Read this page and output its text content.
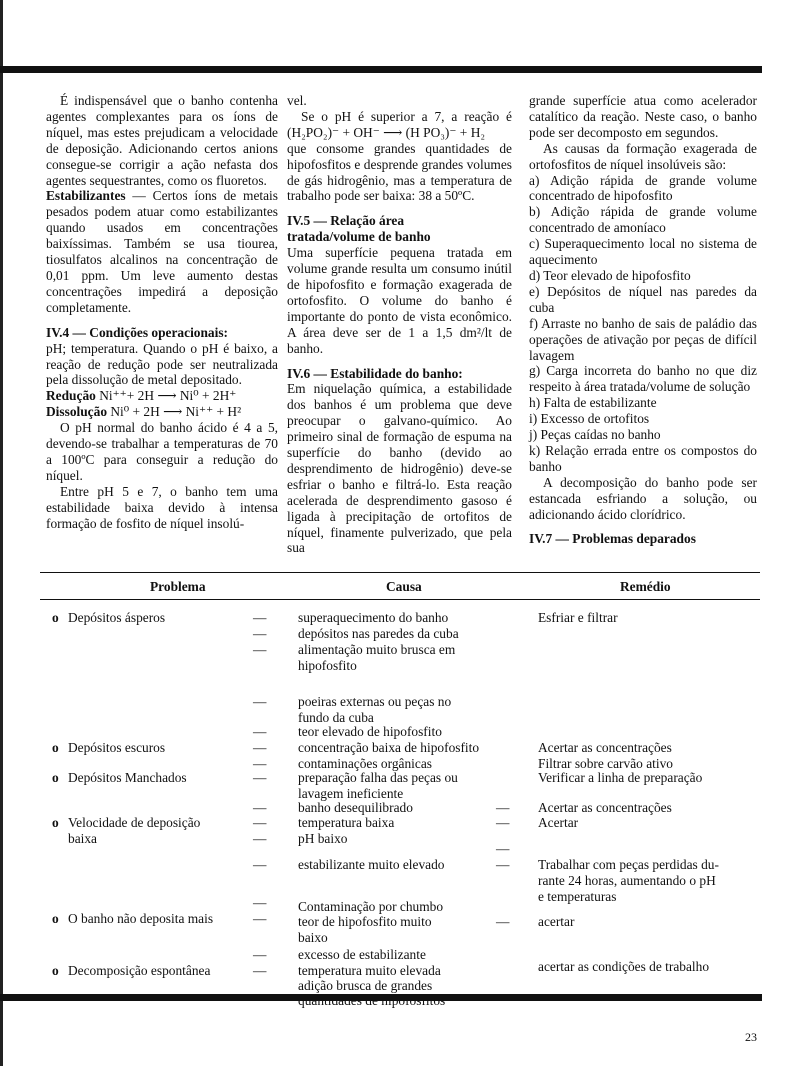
É indispensável que o banho contenha agentes complexantes para os íons de níquel, mas estes prejudicam a velocidade de deposição. Adicionando certos anions consegue-se corrigir a ação nefasta dos agentes sequestrantes, como os fluoretos.

Estabilizantes — Certos íons de metais pesados podem atuar como estabilizantes quando usados em concentrações baixíssimas. Também se usa tiourea, tiosulfatos alcalinos na concentração de 0,01 ppm. Um leve aumento destas concentrações impedirá a deposição completamente.

IV.4 — Condições operacionais:

pH; temperatura. Quando o pH é baixo, a reação de redução pode ser neutralizada pela dissolução de metal depositado.

Redução Ni⁺⁺+ 2H ⟶ Ni⁰ + 2H⁺

Dissolução Ni⁰ + 2H ⟶ Ni⁺⁺ + H²

O pH normal do banho ácido é 4 a 5, devendo-se trabalhar a temperaturas de 70 a 100ºC para conseguir a redução do níquel.

Entre pH 5 e 7, o banho tem uma estabilidade baixa devido à intensa formação de fosfito de níquel insolú-

vel.

Se o pH é superior a 7, a reação é (H₂PO₂)⁻ + OH⁻ ⟶ (H PO₃)⁻ + H₂

que consome grandes quantidades de hipofosfitos e desprende grandes volumes de gás hidrogênio, mas a temperatura de trabalho pode ser baixa: 38 a 50ºC.

IV.5 — Relação área

tratada/volume de banho

Uma superfície pequena tratada em volume grande resulta um consumo inútil de hipofosfito e formação exagerada de ortofosfito. O volume do banho é importante do ponto de vista econômico. A área deve ser de 1 a 1,5 dm²/lt de banho.

IV.6 — Estabilidade do banho:

Em niquelação química, a estabilidade dos banhos é um problema que deve preocupar o galvano-químico. Ao primeiro sinal de formação de espuma na superfície do banho (devido ao desprendimento de hidrogênio) deve-se esfriar o banho e filtrá-lo. Esta reação acelerada de desprendimento gasoso é ligada à precipitação de ortofitos de níquel, finamente pulverizado, que pela sua

grande superfície atua como acelerador catalítico da reação. Neste caso, o banho pode ser decomposto em segundos.

As causas da formação exagerada de ortofosfitos de níquel insolúveis são:

a) Adição rápida de grande volume concentrado de hipofosfito

b) Adição rápida de grande volume concentrado de amoníaco

c) Superaquecimento local no sistema de aquecimento

d) Teor elevado de hipofosfito

e) Depósitos de níquel nas paredes da cuba

f) Arraste no banho de sais de paládio das operações de ativação por peças de difícil lavagem

g) Carga incorreta do banho no que diz respeito à área tratada/volume de solução

h) Falta de estabilizante

i) Excesso de ortofitos

j) Peças caídas no banho

k) Relação errada entre os compostos do banho

A decomposição do banho pode ser estancada esfriando a solução, ou adicionando ácido clorídrico.

IV.7 — Problemas deparados

Problema	Causa	Remédio
o Depósitos ásperos
o Depósitos escuros
o Depósitos Manchados
o Velocidade de deposição
baixa
o O banho não deposita mais
o Decomposição espontânea
—
—
—
—
—
—
—
—
—
—
—
—
—
—
—
—
superaquecimento do banho
depósitos nas paredes da cuba
alimentação muito brusca em
hipofosfito
poeiras externas ou peças no
fundo da cuba
teor elevado de hipofosfito
concentração baixa de hipofosfito
contaminações orgânicas
preparação falha das peças ou
lavagem ineficiente
banho desequilibrado
temperatura baixa
pH baixo
estabilizante muito elevado
Contaminação por chumbo
teor de hipofosfito muito
baixo
excesso de estabilizante
temperatura muito elevada
adição brusca de grandes
—
—
—
—
—
Esfriar e filtrar
Acertar as concentrações
Filtrar sobre carvão ativo
Verificar a linha de preparação
Acertar as concentrações
Acertar
Trabalhar com peças perdidas du-
rante 24 horas, aumentando o pH
e temperaturas
acertar
acertar as condições de trabalho
23
